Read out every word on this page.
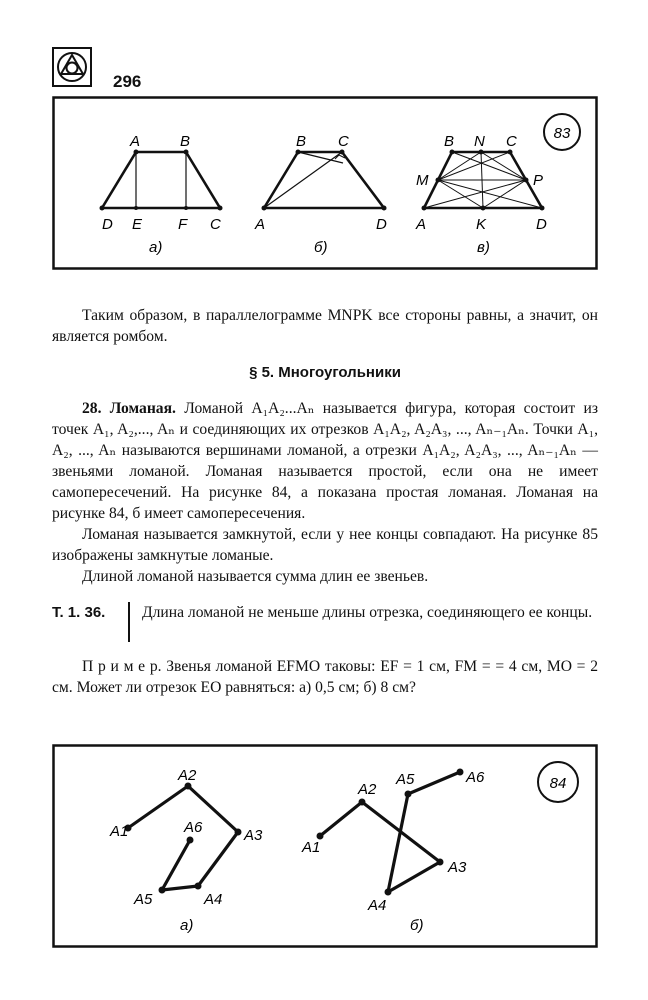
296
83
A	B
D E F C
а)
B C
A	D
б)
B N C
M	P
A	K	D
в)

Таким образом, в параллелограмме MNPK все стороны равны, а значит, он является ромбом.

§ 5. Многоугольники

28. Ломаная. Ломаной A₁A₂...Aₙ называется фигура, которая состоит из точек A₁, A₂,..., Aₙ и соединяющих их отрезков A₁A₂, A₂A₃, ..., Aₙ₋₁Aₙ. Точки A₁, A₂, ..., Aₙ называются вершинами ломаной, а отрезки A₁A₂, A₂A₃, ..., Aₙ₋₁Aₙ — звеньями ломаной. Ломаная называется простой, если она не имеет самопересечений. На рисунке 84, а показана простая ломаная. Ломаная на рисунке 84, б имеет самопересечения.

Ломаная называется замкнутой, если у нее концы совпадают. На рисунке 85 изображены замкнутые ломаные.

Длиной ломаной называется сумма длин ее звеньев.

Т. 1. 36. Длина ломаной не меньше длины отрезка, соединяющего ее концы.

П р и м е р. Звенья ломаной EFMO таковы: EF = 1 см, FM = = 4 см, MO = 2 см. Может ли отрезок EO равняться: а) 0,5 см; б) 8 см?

84
A1
A2
A3
A4
A5
A6
а)
A1
A2
A3
A4
A5	A6
б)
